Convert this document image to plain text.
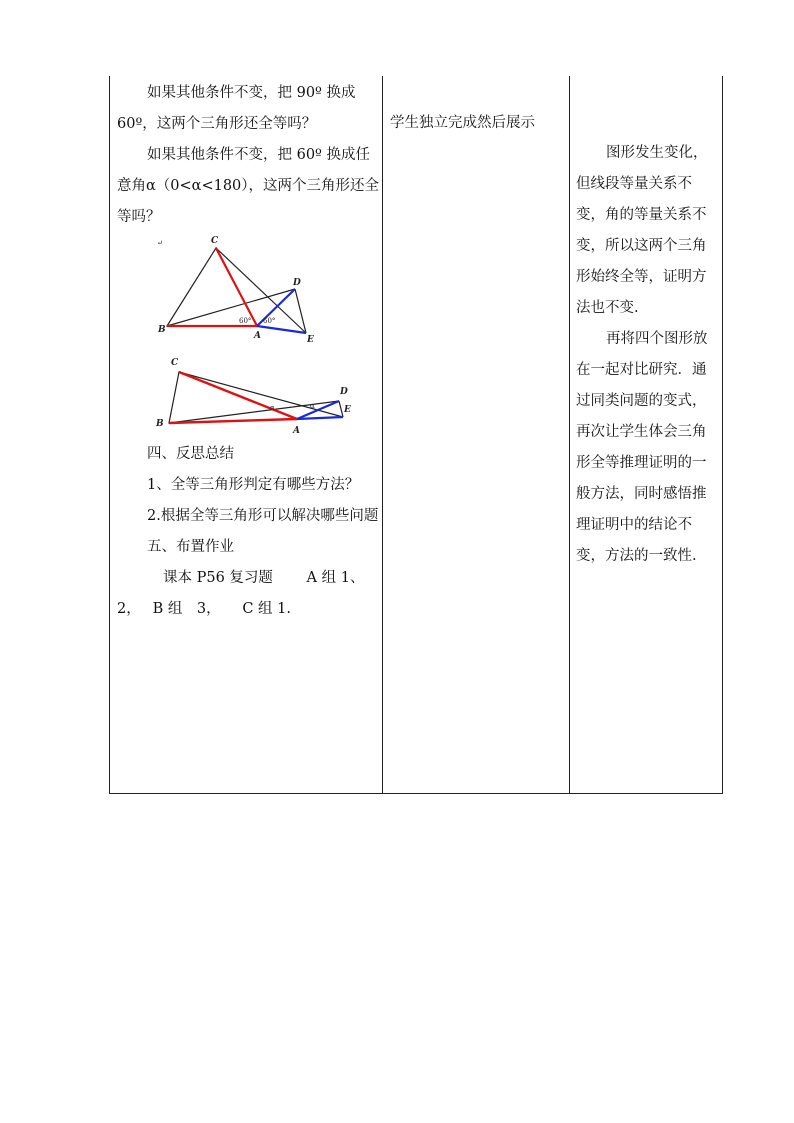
如果其他条件不变，把 90º 换成 60º，这两个三角形还全等吗？

如果其他条件不变，把 60º 换成任意角α（0<α<180），这两个三角形还全等吗？

↵	C
D
B
A	E
60° 60°
C
D
B
A
E
α	α

四、反思总结

1、全等三角形判定有哪些方法？

2.根据全等三角形可以解决哪些问题

五、布置作业

课本 P56 复习题　　 A 组 1、

2，　 B 组　3，　　C 组 1.

学生独立完成然后展示

图形发生变化，但线段等量关系不变，角的等量关系不变，所以这两个三角形始终全等，证明方法也不变.

再将四个图形放在一起对比研究．通过同类问题的变式，再次让学生体会三角形全等推理证明的一般方法，同时感悟推理证明中的结论不变，方法的一致性.
